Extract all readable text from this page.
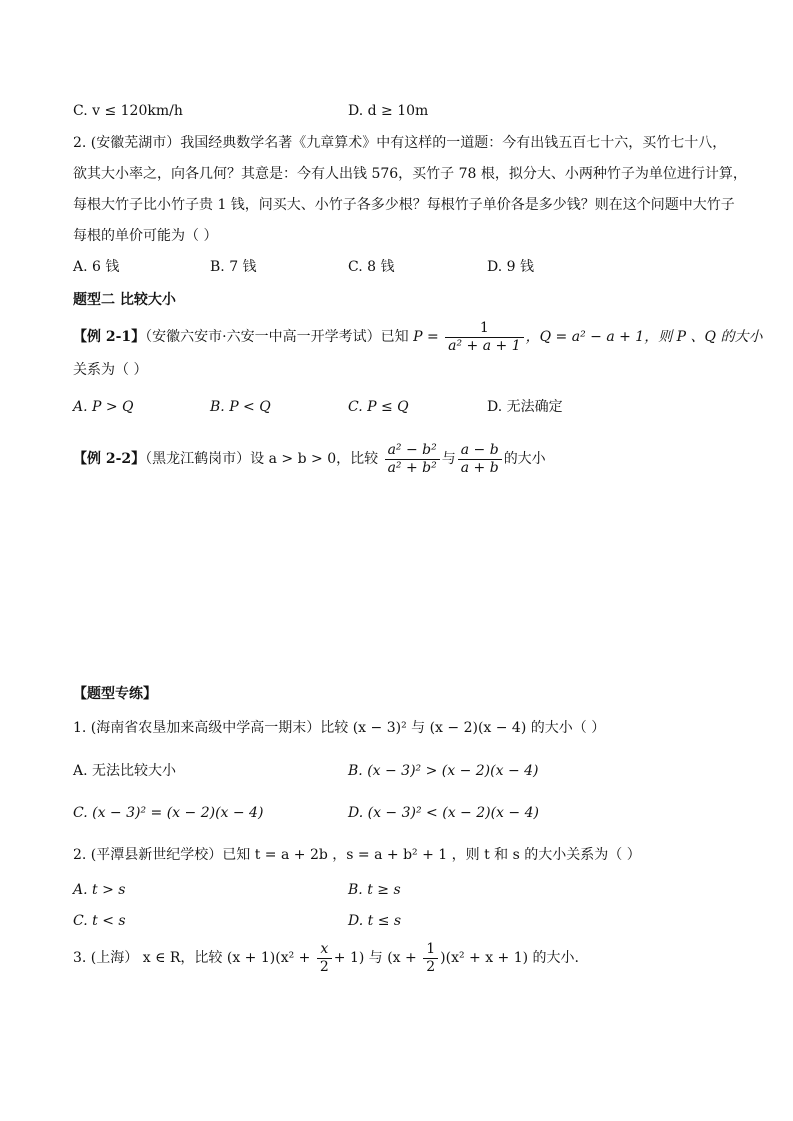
C. v ≤ 120km/h	D. d ≥ 10m
2. (安徽芜湖市）我国经典数学名著《九章算术》中有这样的一道题：今有出钱五百七十六，买竹七十八，
欲其大小率之，向各几何？其意是：今有人出钱 576，买竹子 78 根，拟分大、小两种竹子为单位进行计算，
每根大竹子比小竹子贵 1 钱，问买大、小竹子各多少根？每根竹子单价各是多少钱？则在这个问题中大竹子
每根的单价可能为（ ）
A. 6 钱	B. 7 钱	C. 8 钱	D. 9 钱
题型二 比较大小
【例 2-1】（安徽六安市·六安一中高一开学考试）已知 $P = \frac{1}{\text{a² + a + 1}}$ ，Q = a² − a + 1，则 P 、Q 的大小
关系为（ ）
A. P > Q	B. P < Q	C. P ≤ Q	D. 无法确定
【例 2-2】（黑龙江鹤岗市）设 a > b > 0，比较 $\frac{\text{a² − b²}}{\text{a² + b²}}$ 与 $\frac{a - b}{a + b}$ 的大小
【题型专练】
1. (海南省农垦加来高级中学高一期末）比较 (x − 3)² 与 (x − 2)(x − 4) 的大小（ ）
A. 无法比较大小	B. (x − 3)² > (x − 2)(x − 4)
C. (x − 3)² = (x − 2)(x − 4)	D. (x − 3)² < (x − 2)(x − 4)
2. (平潭县新世纪学校）已知 t = a + 2b ，s = a + b² + 1 ，则 t 和 s 的大小关系为（ ）
A. t > s	B. t ≥ s
C. t < s	D. t ≤ s
3. (上海） x ∈ R，比较 $(x + 1)(x^2 + \frac{x}{2} + 1)$ 与 $(x + \frac{1}{2} )(x^2 + x + 1)$ 的大小.
